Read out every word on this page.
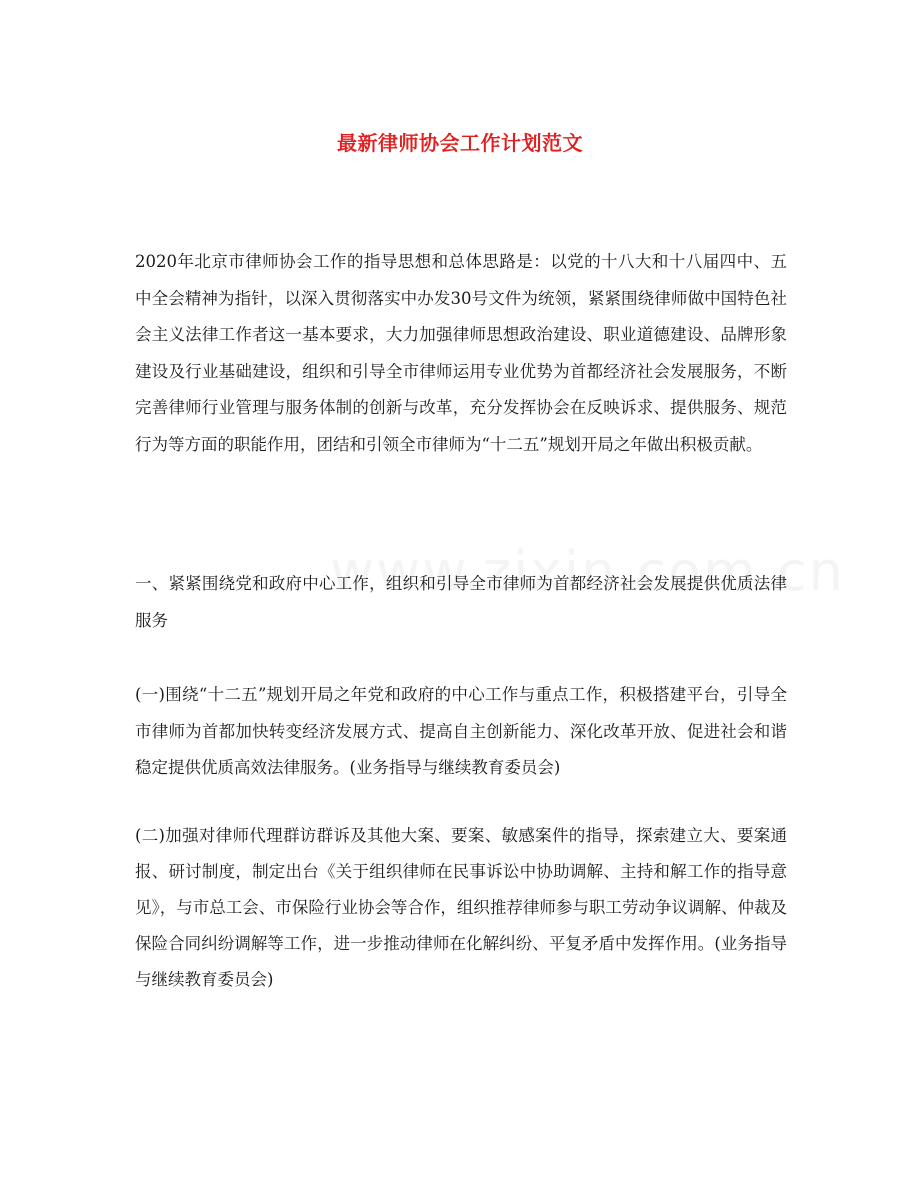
最新律师协会工作计划范文
2020年北京市律师协会工作的指导思想和总体思路是：以党的十八大和十八届四中、五中全会精神为指针，以深入贯彻落实中办发30号文件为统领，紧紧围绕律师做中国特色社会主义法律工作者这一基本要求，大力加强律师思想政治建设、职业道德建设、品牌形象建设及行业基础建设，组织和引导全市律师运用专业优势为首都经济社会发展服务，不断完善律师行业管理与服务体制的创新与改革，充分发挥协会在反映诉求、提供服务、规范行为等方面的职能作用，团结和引领全市律师为“十二五”规划开局之年做出积极贡献。
一、紧紧围绕党和政府中心工作，组织和引导全市律师为首都经济社会发展提供优质法律服务
(一)围绕“十二五”规划开局之年党和政府的中心工作与重点工作，积极搭建平台，引导全市律师为首都加快转变经济发展方式、提高自主创新能力、深化改革开放、促进社会和谐稳定提供优质高效法律服务。(业务指导与继续教育委员会)
(二)加强对律师代理群访群诉及其他大案、要案、敏感案件的指导，探索建立大、要案通报、研讨制度，制定出台《关于组织律师在民事诉讼中协助调解、主持和解工作的指导意见》，与市总工会、市保险行业协会等合作，组织推荐律师参与职工劳动争议调解、仲裁及保险合同纠纷调解等工作，进一步推动律师在化解纠纷、平复矛盾中发挥作用。(业务指导与继续教育委员会)
